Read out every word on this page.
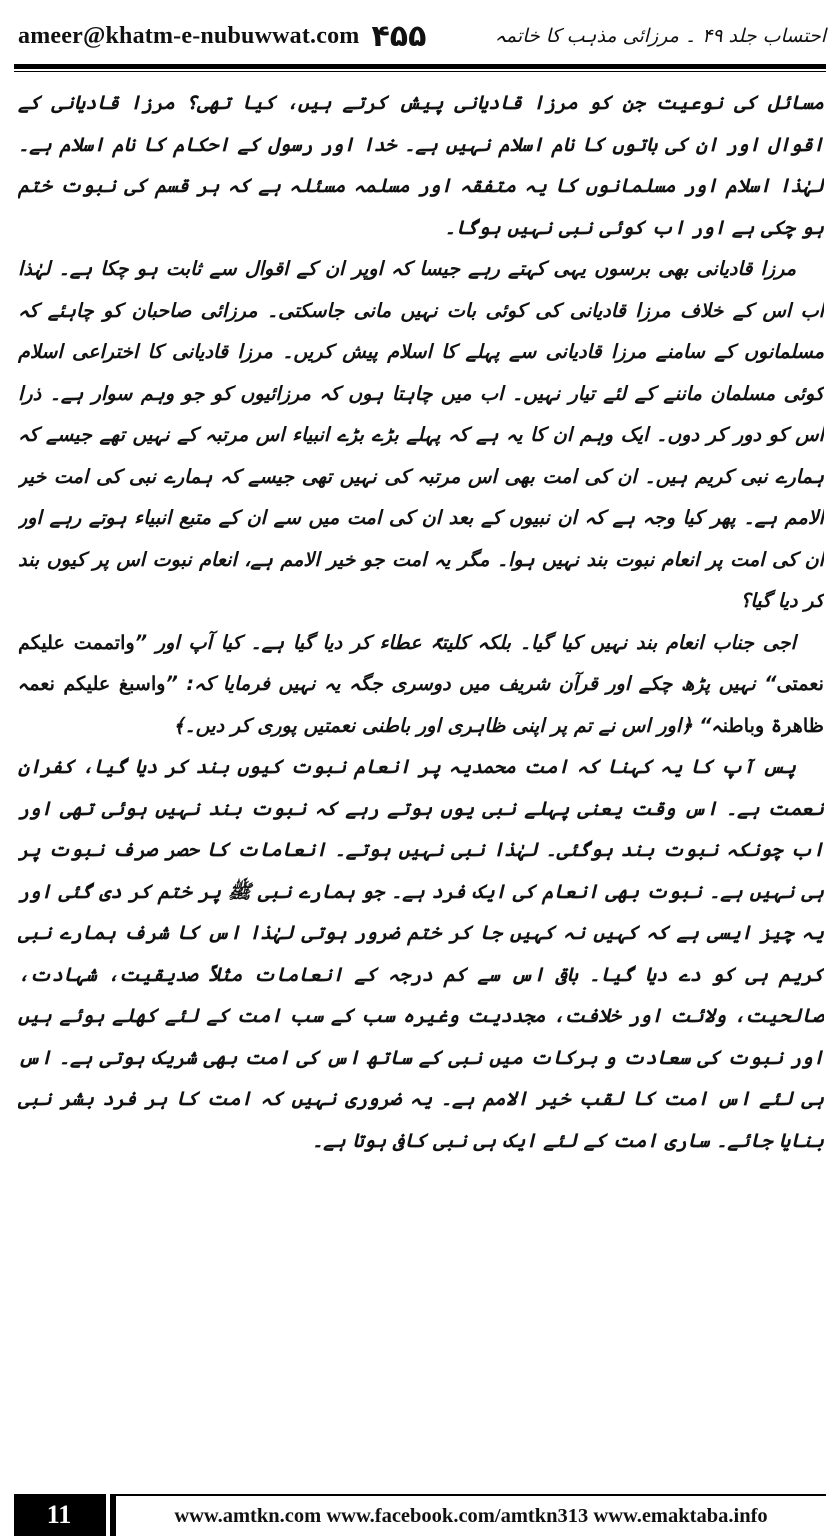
ameer@khatm-e-nubuwwat.com ۴۵۵	احتساب جلد ۴۹ ۔ مرزائی مذہب کا خاتمہ

مسائل کی نوعیت جن کو مرزا قادیانی پیش کرتے ہیں، کیا تھی؟ مرزا قادیانی کے اقوال اور ان کی باتوں کا نام اسلام نہیں ہے۔ خدا اور رسول کے احکام کا نام اسلام ہے۔ لہٰذا اسلام اور مسلمانوں کا یہ متفقہ اور مسلمہ مسئلہ ہے کہ ہر قسم کی نبوت ختم ہو چکی ہے اور اب کوئی نبی نہیں ہوگا۔

مرزا قادیانی بھی برسوں یہی کہتے رہے جیسا کہ اوپر ان کے اقوال سے ثابت ہو چکا ہے۔ لہٰذا اب اس کے خلاف مرزا قادیانی کی کوئی بات نہیں مانی جاسکتی۔ مرزائی صاحبان کو چاہئے کہ مسلمانوں کے سامنے مرزا قادیانی سے پہلے کا اسلام پیش کریں۔ مرزا قادیانی کا اختراعی اسلام کوئی مسلمان ماننے کے لئے تیار نہیں۔ اب میں چاہتا ہوں کہ مرزائیوں کو جو وہم سوار ہے۔ ذرا اس کو دور کر دوں۔ ایک وہم ان کا یہ ہے کہ پہلے بڑے بڑے انبیاء اس مرتبہ کے نہیں تھے جیسے کہ ہمارے نبی کریم ہیں۔ ان کی امت بھی اس مرتبہ کی نہیں تھی جیسے کہ ہمارے نبی کی امت خیر الامم ہے۔ پھر کیا وجہ ہے کہ ان نبیوں کے بعد ان کی امت میں سے ان کے متبع انبیاء ہوتے رہے اور ان کی امت پر انعام نبوت بند نہیں ہوا۔ مگر یہ امت جو خیر الامم ہے، انعام نبوت اس پر کیوں بند کر دیا گیا؟

اجی جناب انعام بند نہیں کیا گیا۔ بلکہ کلیتہً عطاء کر دیا گیا ہے۔ کیا آپ اور ”واتممت علیکم نعمتی“ نہیں پڑھ چکے اور قرآن شریف میں دوسری جگہ یہ نہیں فرمایا کہ: ”واسبغ علیکم نعمہ ظاھرۃ وباطنہ“ ﴿اور اس نے تم پر اپنی ظاہری اور باطنی نعمتیں پوری کر دیں۔﴾

پس آپ کا یہ کہنا کہ امت محمدیہ پر انعام نبوت کیوں بند کر دیا گیا، کفران نعمت ہے۔ اس وقت یعنی پہلے نبی یوں ہوتے رہے کہ نبوت بند نہیں ہوئی تھی اور اب چونکہ نبوت بند ہوگئی۔ لہٰذا نبی نہیں ہوتے۔ انعامات کا حصر صرف نبوت پر ہی نہیں ہے۔ نبوت بھی انعام کی ایک فرد ہے۔ جو ہمارے نبی ﷺ پر ختم کر دی گئی اور یہ چیز ایسی ہے کہ کہیں نہ کہیں جا کر ختم ضرور ہوتی لہٰذا اس کا شرف ہمارے نبی کریم ہی کو دے دیا گیا۔ باقی اس سے کم درجہ کے انعامات مثلاً صدیقیت، شہادت، صالحیت، ولائت اور خلافت، مجددیت وغیرہ سب کے سب امت کے لئے کھلے ہوئے ہیں اور نبوت کی سعادت و برکات میں نبی کے ساتھ اس کی امت بھی شریک ہوتی ہے۔ اس ہی لئے اس امت کا لقب خیر الامم ہے۔ یہ ضروری نہیں کہ امت کا ہر فرد بشر نبی بنایا جائے۔ ساری امت کے لئے ایک ہی نبی کافی ہوتا ہے۔

11	www.amtkn.com www.facebook.com/amtkn313 www.emaktaba.info
